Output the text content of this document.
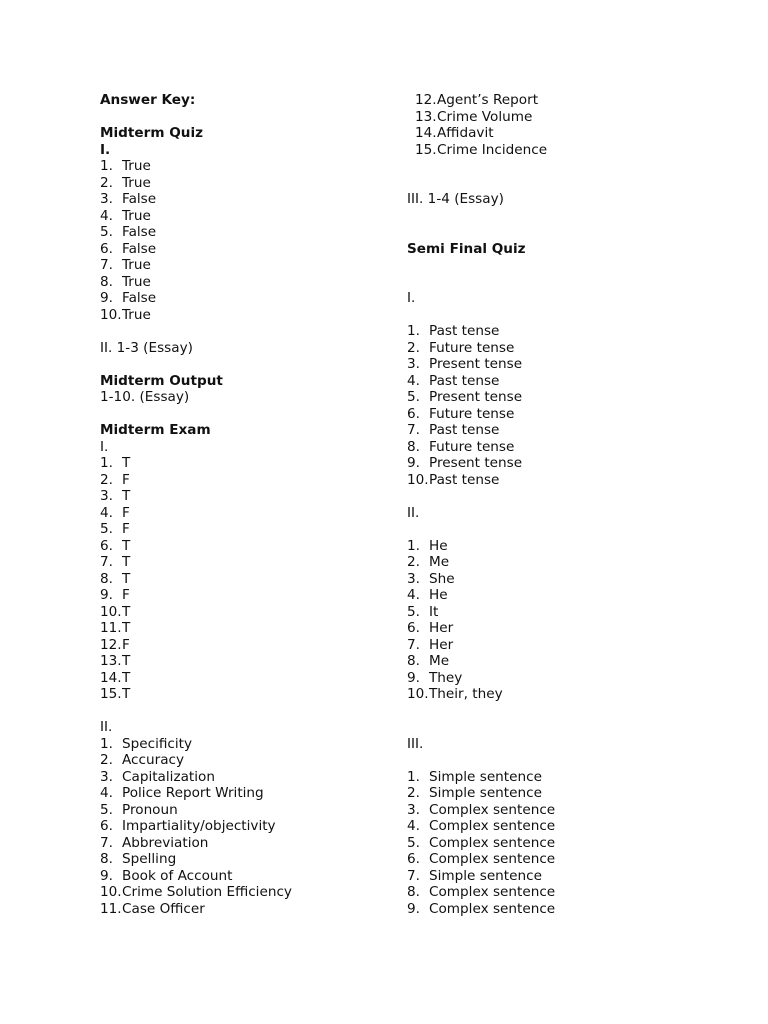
Answer Key:
Midterm Quiz
I.
1. True
2. True
3. False
4. True
5. False
6. False
7. True
8. True
9. False
10. True
II. 1-3 (Essay)
Midterm Output
1-10. (Essay)
Midterm Exam
I.
1. T
2. F
3. T
4. F
5. F
6. T
7. T
8. T
9. F
10. T
11. T
12. F
13. T
14. T
15. T
II.
1. Specificity
2. Accuracy
3. Capitalization
4. Police Report Writing
5. Pronoun
6. Impartiality/objectivity
7. Abbreviation
8. Spelling
9. Book of Account
10. Crime Solution Efficiency
11. Case Officer
12. Agent’s Report
13. Crime Volume
14. Affidavit
15. Crime Incidence
III. 1-4 (Essay)
Semi Final Quiz
I.
1. Past tense
2. Future tense
3. Present tense
4. Past tense
5. Present tense
6. Future tense
7. Past tense
8. Future tense
9. Present tense
10. Past tense
II.
1. He
2. Me
3. She
4. He
5. It
6. Her
7. Her
8. Me
9. They
10. Their, they
III.
1. Simple sentence
2. Simple sentence
3. Complex sentence
4. Complex sentence
5. Complex sentence
6. Complex sentence
7. Simple sentence
8. Complex sentence
9. Complex sentence
